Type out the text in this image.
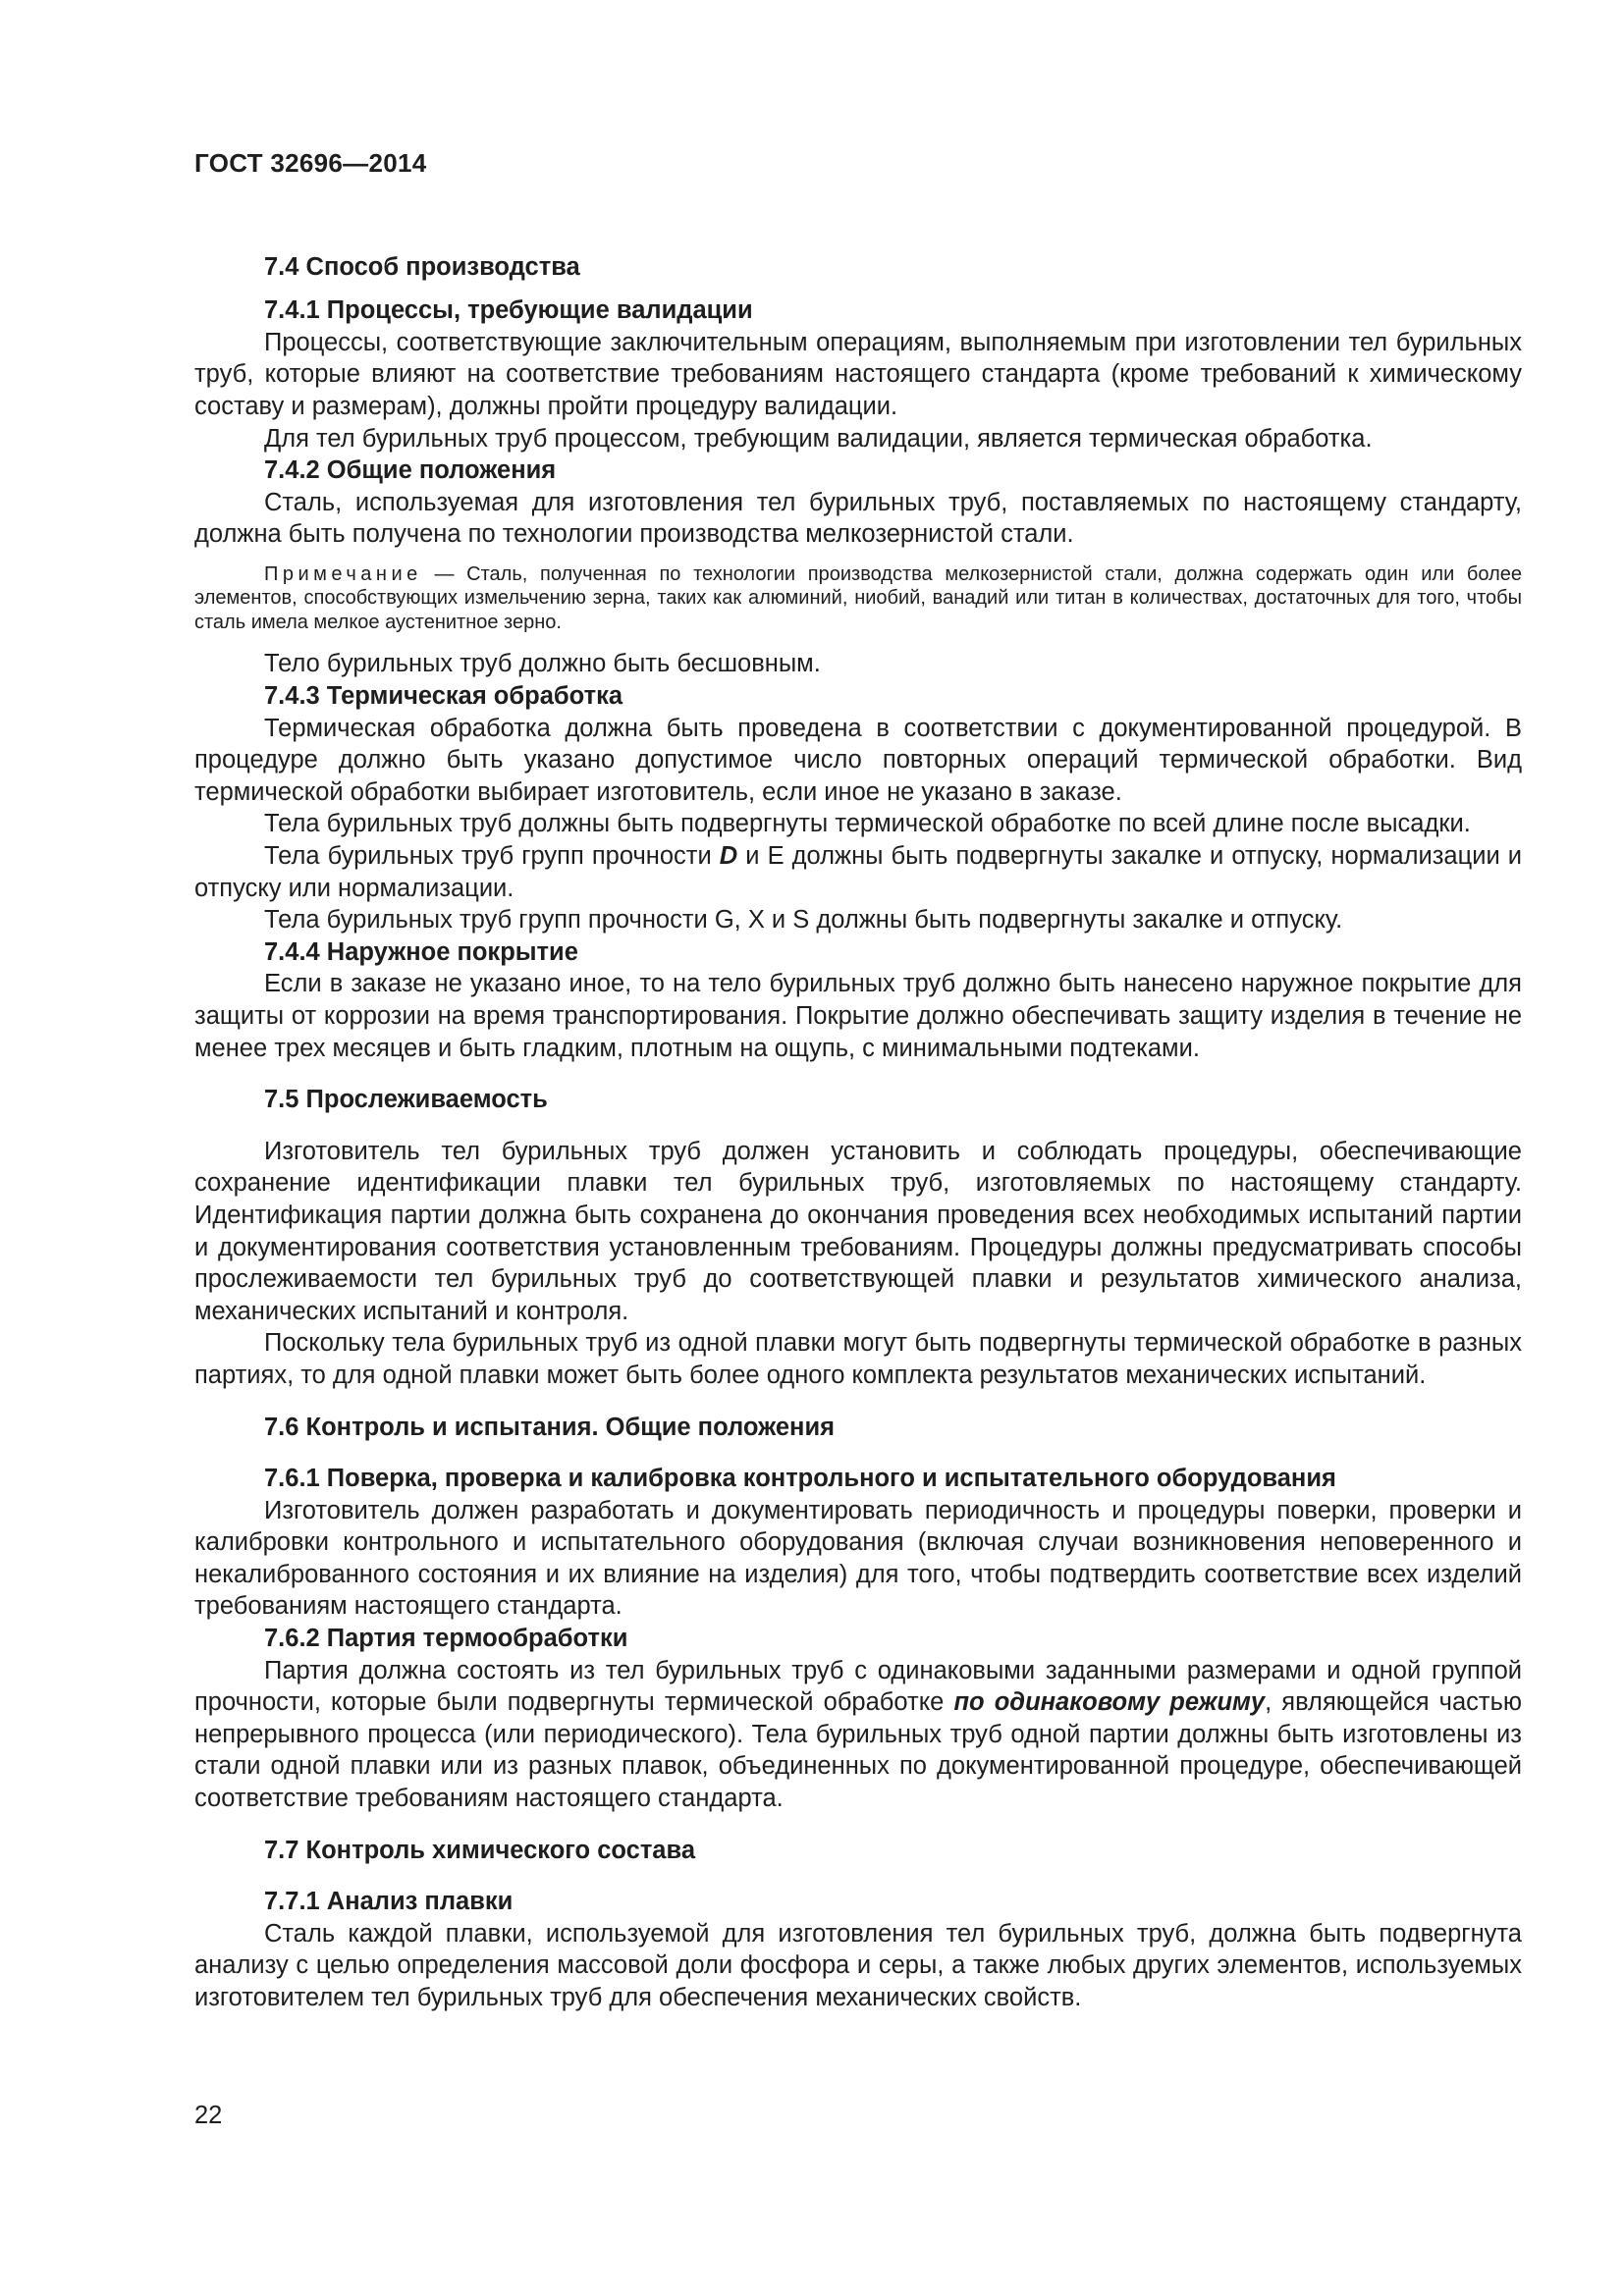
ГОСТ 32696—2014
7.4 Способ производства
7.4.1 Процессы, требующие валидации

Процессы, соответствующие заключительным операциям, выполняемым при изготовлении тел бурильных труб, которые влияют на соответствие требованиям настоящего стандарта (кроме требований к химическому составу и размерам), должны пройти процедуру валидации.

Для тел бурильных труб процессом, требующим валидации, является термическая обработка.

7.4.2 Общие положения

Сталь, используемая для изготовления тел бурильных труб, поставляемых по настоящему стандарту, должна быть получена по технологии производства мелкозернистой стали.

Примечание — Сталь, полученная по технологии производства мелкозернистой стали, должна содержать один или более элементов, способствующих измельчению зерна, таких как алюминий, ниобий, ванадий или титан в количествах, достаточных для того, чтобы сталь имела мелкое аустенитное зерно.

Тело бурильных труб должно быть бесшовным.

7.4.3 Термическая обработка

Термическая обработка должна быть проведена в соответствии с документированной процедурой. В процедуре должно быть указано допустимое число повторных операций термической обработки. Вид термической обработки выбирает изготовитель, если иное не указано в заказе.

Тела бурильных труб должны быть подвергнуты термической обработке по всей длине после высадки.

Тела бурильных труб групп прочности D и E должны быть подвергнуты закалке и отпуску, нормализации и отпуску или нормализации.

Тела бурильных труб групп прочности G, X и S должны быть подвергнуты закалке и отпуску.

7.4.4 Наружное покрытие

Если в заказе не указано иное, то на тело бурильных труб должно быть нанесено наружное покрытие для защиты от коррозии на время транспортирования. Покрытие должно обеспечивать защиту изделия в течение не менее трех месяцев и быть гладким, плотным на ощупь, с минимальными подтеками.

7.5 Прослеживаемость

Изготовитель тел бурильных труб должен установить и соблюдать процедуры, обеспечивающие сохранение идентификации плавки тел бурильных труб, изготовляемых по настоящему стандарту. Идентификация партии должна быть сохранена до окончания проведения всех необходимых испытаний партии и документирования соответствия установленным требованиям. Процедуры должны предусматривать способы прослеживаемости тел бурильных труб до соответствующей плавки и результатов химического анализа, механических испытаний и контроля.

Поскольку тела бурильных труб из одной плавки могут быть подвергнуты термической обработке в разных партиях, то для одной плавки может быть более одного комплекта результатов механических испытаний.

7.6 Контроль и испытания. Общие положения
7.6.1 Поверка, проверка и калибровка контрольного и испытательного оборудования

Изготовитель должен разработать и документировать периодичность и процедуры поверки, проверки и калибровки контрольного и испытательного оборудования (включая случаи возникновения неповеренного и некалиброванного состояния и их влияние на изделия) для того, чтобы подтвердить соответствие всех изделий требованиям настоящего стандарта.

7.6.2 Партия термообработки

Партия должна состоять из тел бурильных труб с одинаковыми заданными размерами и одной группой прочности, которые были подвергнуты термической обработке по одинаковому режиму, являющейся частью непрерывного процесса (или периодического). Тела бурильных труб одной партии должны быть изготовлены из стали одной плавки или из разных плавок, объединенных по документированной процедуре, обеспечивающей соответствие требованиям настоящего стандарта.

7.7 Контроль химического состава
7.7.1 Анализ плавки

Сталь каждой плавки, используемой для изготовления тел бурильных труб, должна быть подвергнута анализу с целью определения массовой доли фосфора и серы, а также любых других элементов, используемых изготовителем тел бурильных труб для обеспечения механических свойств.

22
